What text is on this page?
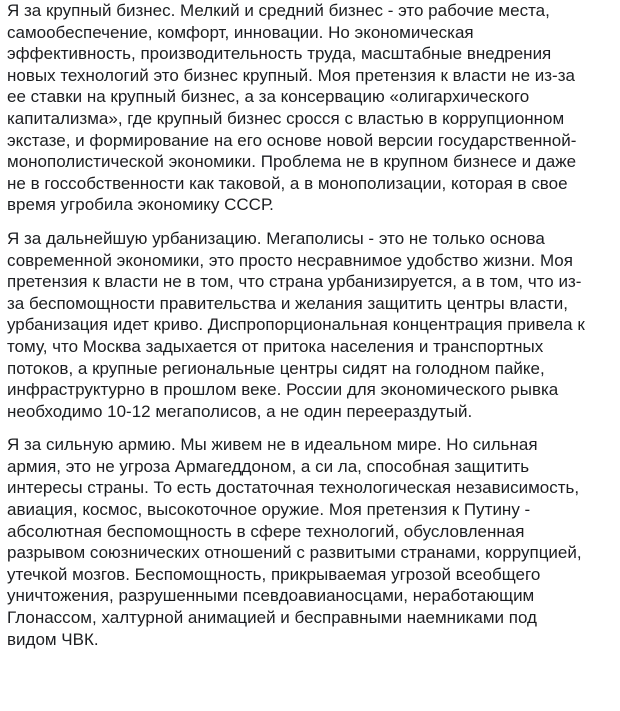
Я за крупный бизнес. Мелкий и средний бизнес - это рабочие места,
самообеспечение, комфорт, инновации. Но экономическая
эффективность, производительность труда, масштабные внедрения
новых технологий это бизнес крупный. Моя претензия к власти не из-за
ее ставки на крупный бизнес, а за консервацию «олигархического
капитализма», где крупный бизнес сросся с властью в коррупционном
экстазе, и формирование на его основе новой версии государственной-
монополистической экономики. Проблема не в крупном бизнесе и даже
не в госсобственности как таковой, а в монополизации, которая в свое
время угробила экономику СССР.

Я за дальнейшую урбанизацию. Мегаполисы - это не только основа
современной экономики, это просто несравнимое удобство жизни. Моя
претензия к власти не в том, что страна урбанизируется, а в том, что из-
за беспомощности правительства и желания защитить центры власти,
урбанизация идет криво. Диспропорциональная концентрация привела к
тому, что Москва задыхается от притока населения и транспортных
потоков, а крупные региональные центры сидят на голодном пайке,
инфраструктурно в прошлом веке. России для экономического рывка
необходимо 10-12 мегаполисов, а не один переераздутый.

Я за сильную армию. Мы живем не в идеальном мире. Но сильная
армия, это не угроза Армагеддоном, а си ла, способная защитить
интересы страны. То есть достаточная технологическая независимость,
авиация, космос, высокоточное оружие. Моя претензия к Путину -
абсолютная беспомощность в сфере технологий, обусловленная
разрывом союзнических отношений с развитыми странами, коррупцией,
утечкой мозгов. Беспомощность, прикрываемая угрозой всеобщего
уничтожения, разрушенными псевдоавианосцами, неработающим
Глонассом, халтурной анимацией и бесправными наемниками под
видом ЧВК.
